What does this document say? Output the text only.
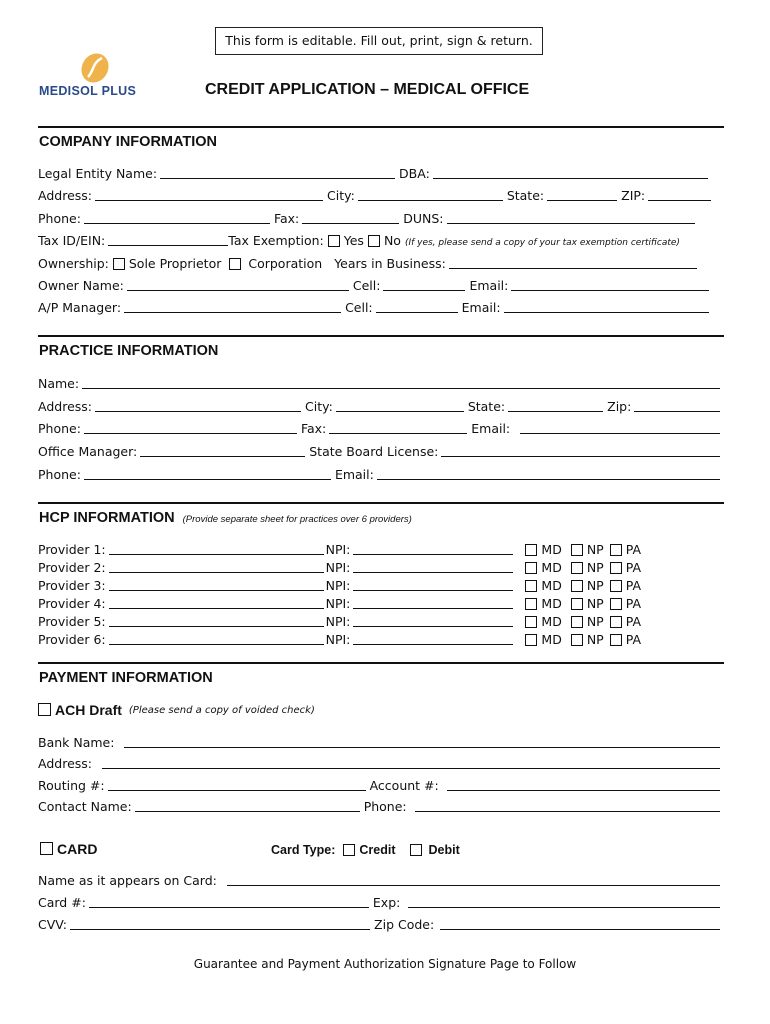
This form is editable. Fill out, print, sign & return.
MEDISOL PLUS	CREDIT APPLICATION – MEDICAL OFFICE
COMPANY INFORMATION
Legal Entity Name:	DBA:
Address:	City:	State:	ZIP:
Phone:	Fax:	DUNS:
Tax ID/EIN:	Tax Exemption: Yes No (If yes, please send a copy of your tax exemption certificate)
Ownership: Sole Proprietor Corporation Years in Business:
Owner Name:	Cell:	Email:
A/P Manager:	Cell:	Email:
PRACTICE INFORMATION
Name:
Address:	City:	State:	Zip:
Phone:	Fax:	Email:
Office Manager:	State Board License:
Phone:	Email:
HCP INFORMATION (Provide separate sheet for practices over 6 providers)
Provider 1:	NPI:	MD NP PA
Provider 2:	NPI:	MD NP PA
Provider 3:	NPI:	MD NP PA
Provider 4:	NPI:	MD NP PA
Provider 5:	NPI:	MD NP PA
Provider 6:	NPI:	MD NP PA
PAYMENT INFORMATION
ACH Draft (Please send a copy of voided check)
Bank Name:
Address:
Routing #:	Account #:
Contact Name:	Phone:
CARD	Card Type: Credit	Debit
Name as it appears on Card:
Card #:	Exp:
CVV:	Zip Code:
Guarantee and Payment Authorization Signature Page to Follow
